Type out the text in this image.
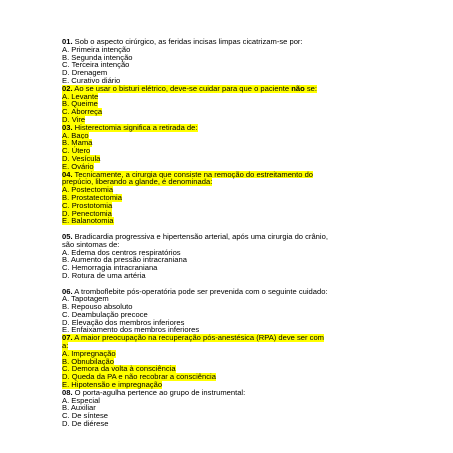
01. Sob o aspecto cirúrgico, as feridas incisas limpas cicatrizam-se por:
A. Primeira intenção
B. Segunda intenção
C. Terceira intenção
D. Drenagem
E. Curativo diário
02. Ao se usar o bisturi elétrico, deve-se cuidar para que o paciente não se:
A. Levante
B. Queime
C. Aborreça
D. Vire
03. Histerectomia significa a retirada de:
A. Baço
B. Mama
C. Útero
D. Vesícula
E. Ovário
04. Tecnicamente, a cirurgia que consiste na remoção do estreitamento do
prepúcio, liberando a glande, é denominada:
A. Postectomia
B. Prostatectomia
C. Prostotomia
D. Penectomia
E. Balanotomia
05. Bradicardia progressiva e hipertensão arterial, após uma cirurgia do crânio,
são sintomas de:
A. Edema dos centros respiratórios
B. Aumento da pressão intracraniana
C. Hemorragia intracraniana
D. Rotura de uma artéria
06. A tromboflebite pós-operatória pode ser prevenida com o seguinte cuidado:
A. Tapotagem
B. Repouso absoluto
C. Deambulação precoce
D. Elevação dos membros inferiores
E. Enfaixamento dos membros inferiores
07. A maior preocupação na recuperação pós-anestésica (RPA) deve ser com
a:
A. Impregnação
B. Obnubilação
C. Demora da volta à consciência
D. Queda da PA e não recobrar a consciência
E. Hipotensão e impregnação
08. O porta-agulha pertence ao grupo de instrumental:
A. Especial
B. Auxiliar
C. De síntese
D. De diérese
